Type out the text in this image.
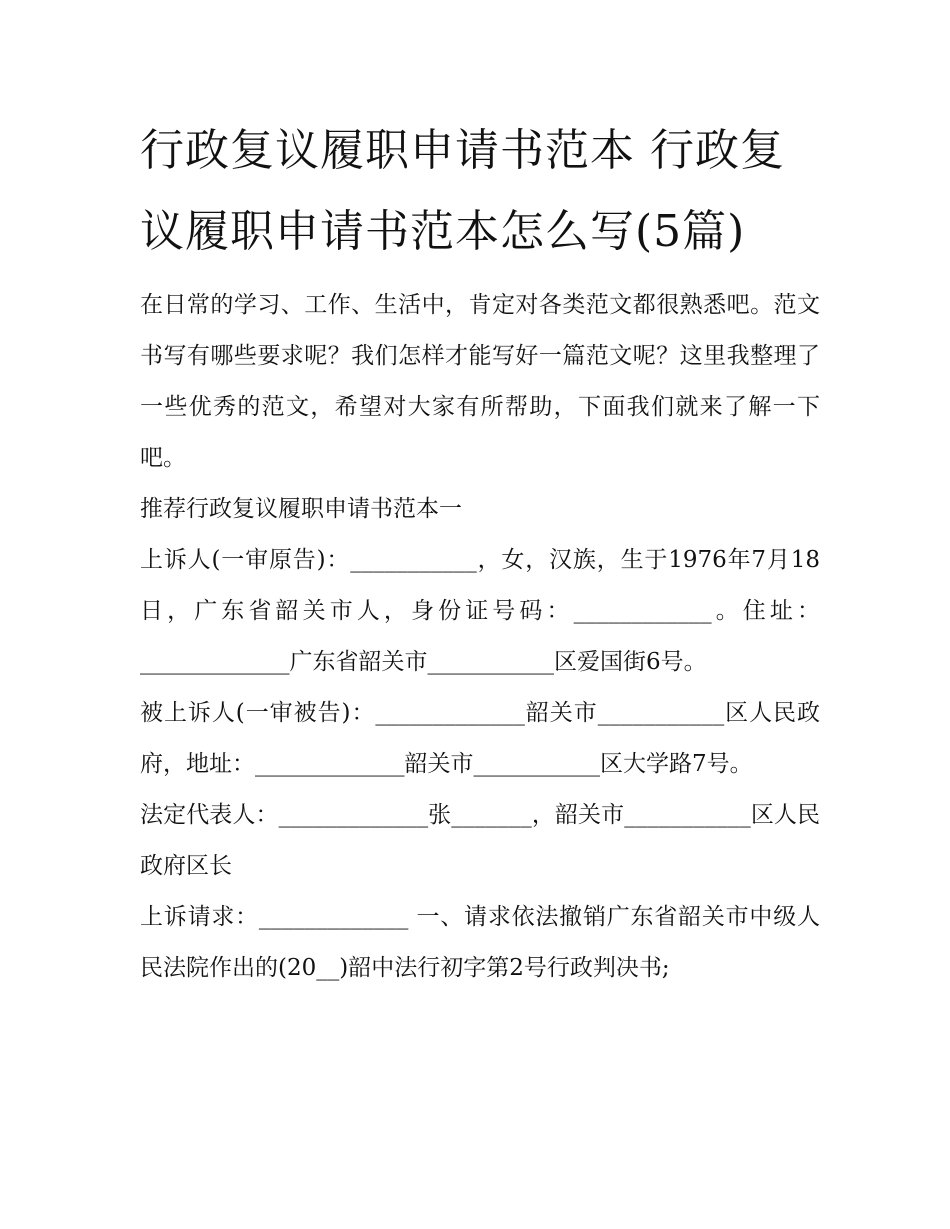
行政复议履职申请书范本 行政复议履职申请书范本怎么写(5篇)

在日常的学习、工作、生活中，肯定对各类范文都很熟悉吧。范文书写有哪些要求呢？我们怎样才能写好一篇范文呢？这里我整理了一些优秀的范文，希望对大家有所帮助，下面我们就来了解一下吧。

推荐行政复议履职申请书范本一

上诉人(一审原告)：___________，女，汉族，生于1976年7月18日，广东省韶关市人，身份证号码：____________。住址：_____________广东省韶关市___________区爱国街6号。

被上诉人(一审被告)：_____________韶关市___________区人民政府，地址：_____________韶关市___________区大学路7号。

法定代表人：_____________张_______，韶关市___________区人民政府区长

上诉请求：_____________ 一、请求依法撤销广东省韶关市中级人民法院作出的(20__)韶中法行初字第2号行政判决书;
